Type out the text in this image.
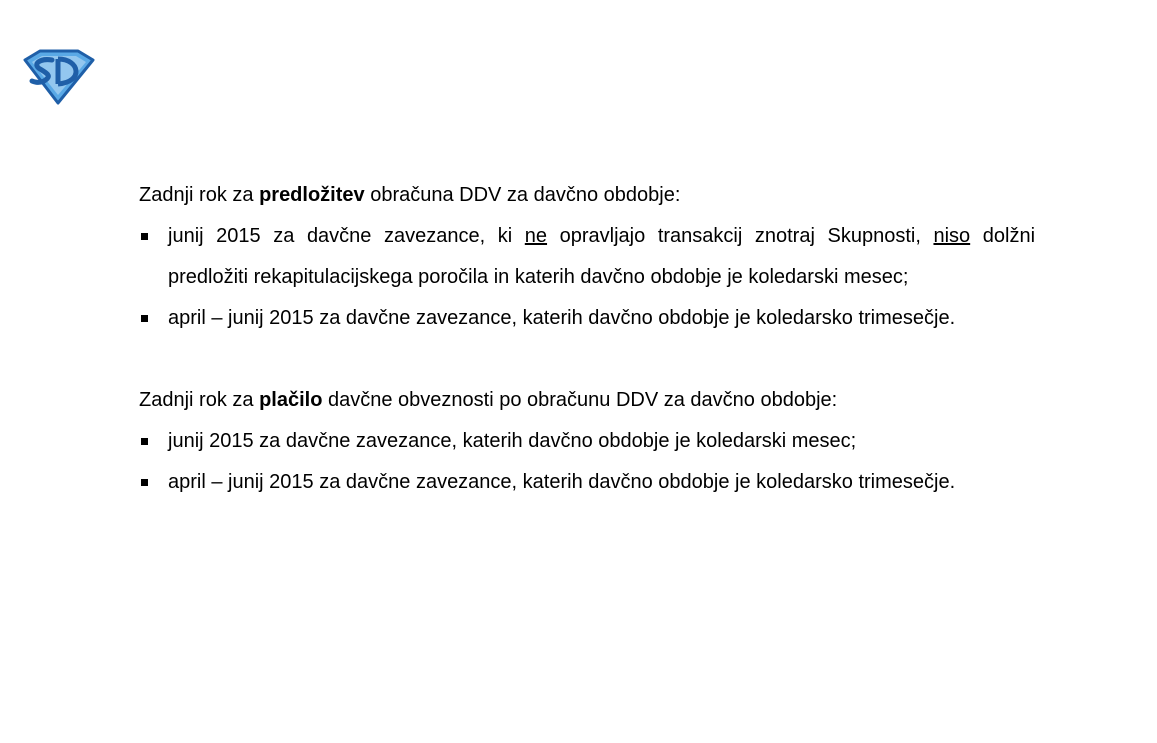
Zadnji rok za predložitev obračuna DDV za davčno obdobje:

junij 2015 za davčne zavezance, ki ne opravljajo transakcij znotraj Skupnosti, niso dolžni predložiti rekapitulacijskega poročila in katerih davčno obdobje je koledarski mesec;
april – junij 2015 za davčne zavezance, katerih davčno obdobje je koledarsko trimesečje.

Zadnji rok za plačilo davčne obveznosti po obračunu DDV za davčno obdobje:

junij 2015 za davčne zavezance, katerih davčno obdobje je koledarski mesec;
april – junij 2015 za davčne zavezance, katerih davčno obdobje je koledarsko trimesečje.
